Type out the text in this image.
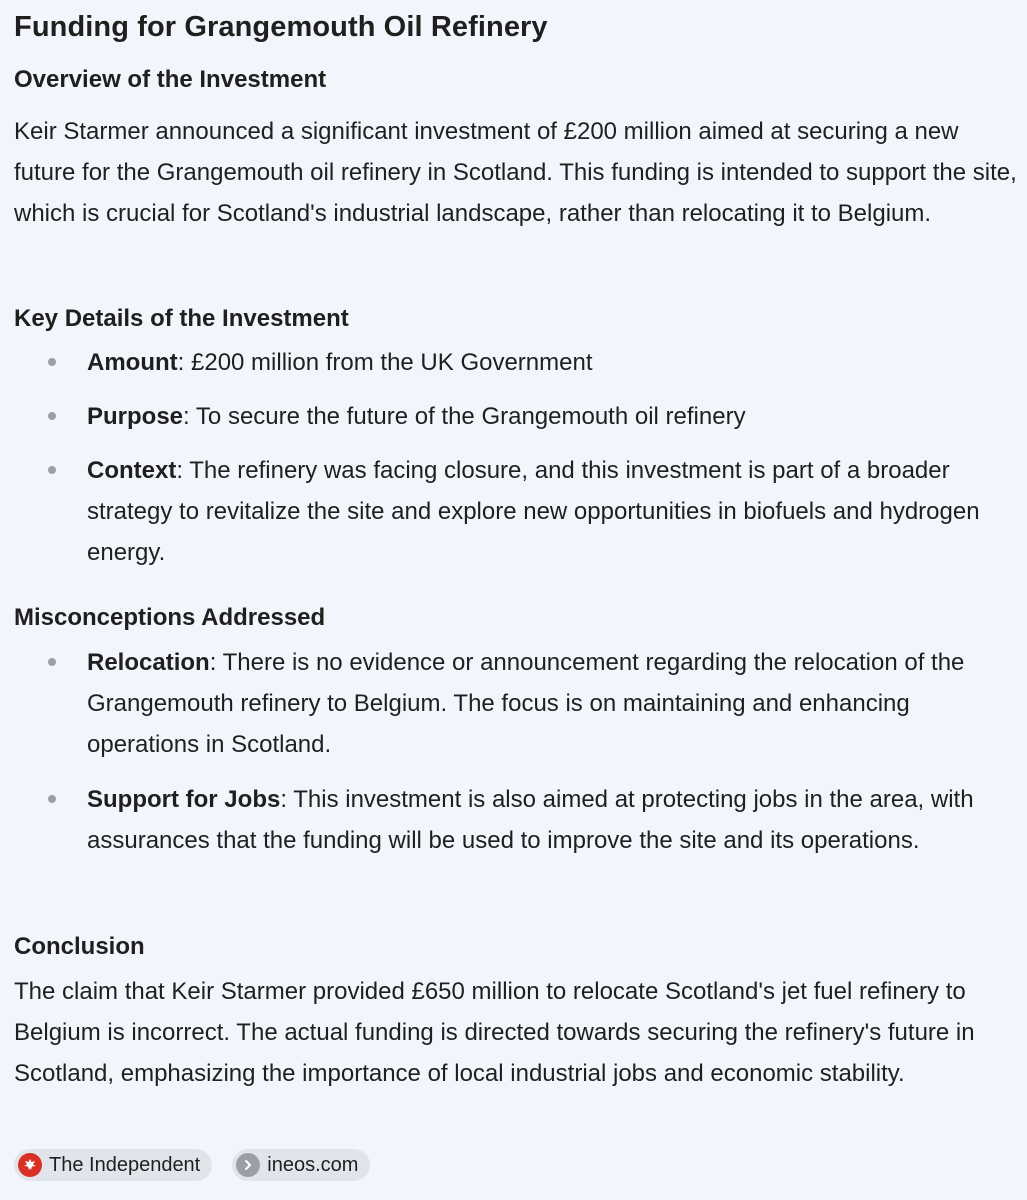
Funding for Grangemouth Oil Refinery
Overview of the Investment

Keir Starmer announced a significant investment of £200 million aimed at securing a new future for the Grangemouth oil refinery in Scotland. This funding is intended to support the site, which is crucial for Scotland's industrial landscape, rather than relocating it to Belgium.

Key Details of the Investment
Amount: £200 million from the UK Government
Purpose: To secure the future of the Grangemouth oil refinery
Context: The refinery was facing closure, and this investment is part of a broader strategy to revitalize the site and explore new opportunities in biofuels and hydrogen energy.
Misconceptions Addressed
Relocation: There is no evidence or announcement regarding the relocation of the Grangemouth refinery to Belgium. The focus is on maintaining and enhancing operations in Scotland.
Support for Jobs: This investment is also aimed at protecting jobs in the area, with assurances that the funding will be used to improve the site and its operations.
Conclusion

The claim that Keir Starmer provided £650 million to relocate Scotland's jet fuel refinery to Belgium is incorrect. The actual funding is directed towards securing the refinery's future in Scotland, emphasizing the importance of local industrial jobs and economic stability.

The Independent	ineos.com
